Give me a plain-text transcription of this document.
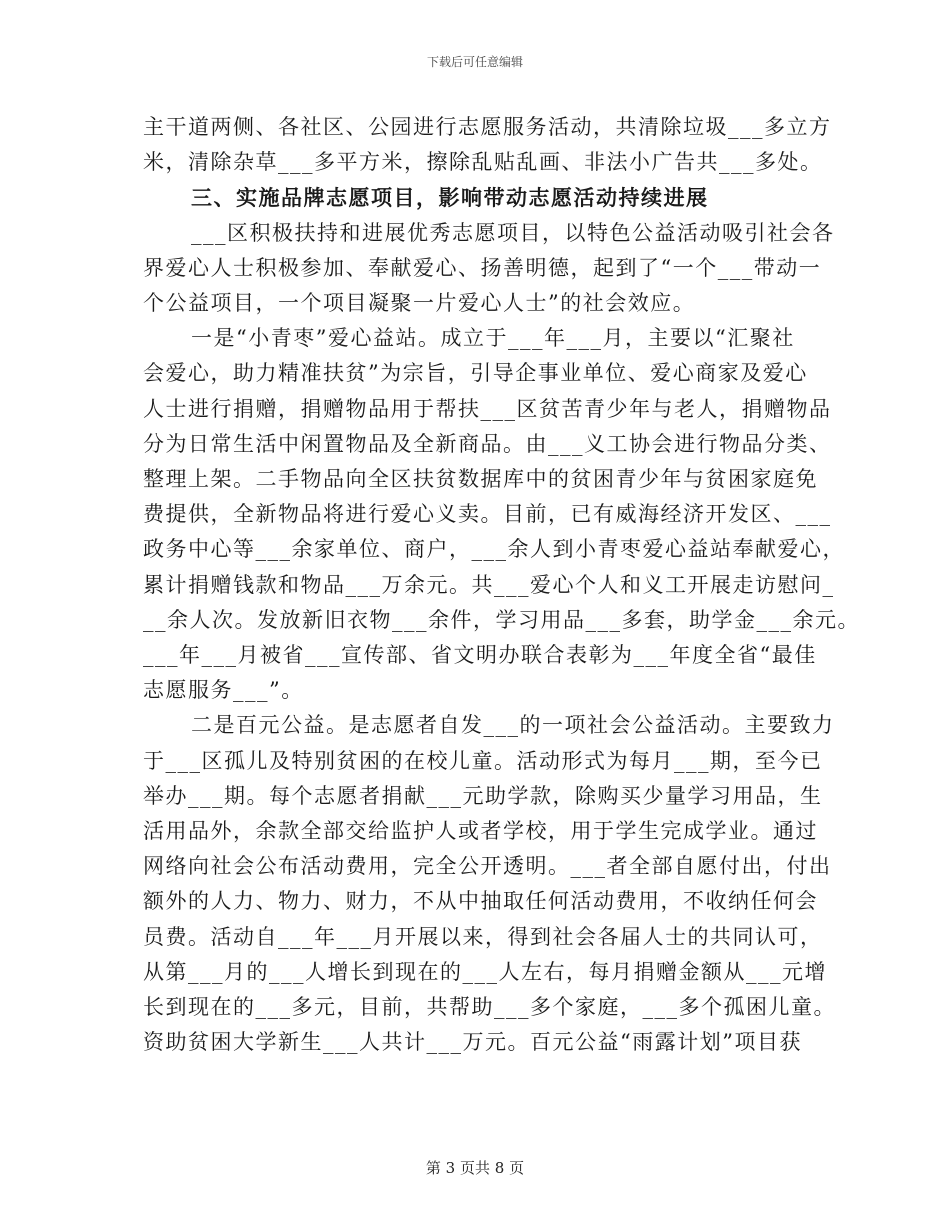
下载后可任意编辑
主干道两侧、各社区、公园进行志愿服务活动，共清除垃圾___多立方
米，清除杂草___多平方米，擦除乱贴乱画、非法小广告共___多处。
三、实施品牌志愿项目，影响带动志愿活动持续进展
___区积极扶持和进展优秀志愿项目，以特色公益活动吸引社会各
界爱心人士积极参加、奉献爱心、扬善明德，起到了“一个___带动一
个公益项目，一个项目凝聚一片爱心人士”的社会效应。
一是“小青枣”爱心益站。成立于___年___月，主要以“汇聚社
会爱心，助力精准扶贫”为宗旨，引导企事业单位、爱心商家及爱心
人士进行捐赠，捐赠物品用于帮扶___区贫苦青少年与老人，捐赠物品
分为日常生活中闲置物品及全新商品。由___义工协会进行物品分类、
整理上架。二手物品向全区扶贫数据库中的贫困青少年与贫困家庭免
费提供，全新物品将进行爱心义卖。目前，已有威海经济开发区、___
政务中心等___余家单位、商户，___余人到小青枣爱心益站奉献爱心，
累计捐赠钱款和物品___万余元。共___爱心个人和义工开展走访慰问_
__余人次。发放新旧衣物___余件，学习用品___多套，助学金___余元。
___年___月被省___宣传部、省文明办联合表彰为___年度全省“最佳
志愿服务___”。
二是百元公益。是志愿者自发___的一项社会公益活动。主要致力
于___区孤儿及特别贫困的在校儿童。活动形式为每月___期，至今已
举办___期。每个志愿者捐献___元助学款，除购买少量学习用品，生
活用品外，余款全部交给监护人或者学校，用于学生完成学业。通过
网络向社会公布活动费用，完全公开透明。___者全部自愿付出，付出
额外的人力、物力、财力，不从中抽取任何活动费用，不收纳任何会
员费。活动自___年___月开展以来，得到社会各届人士的共同认可，
从第___月的___人增长到现在的___人左右，每月捐赠金额从___元增
长到现在的___多元，目前，共帮助___多个家庭，___多个孤困儿童。
资助贫困大学新生___人共计___万元。百元公益“雨露计划”项目获
第 3 页共 8 页
